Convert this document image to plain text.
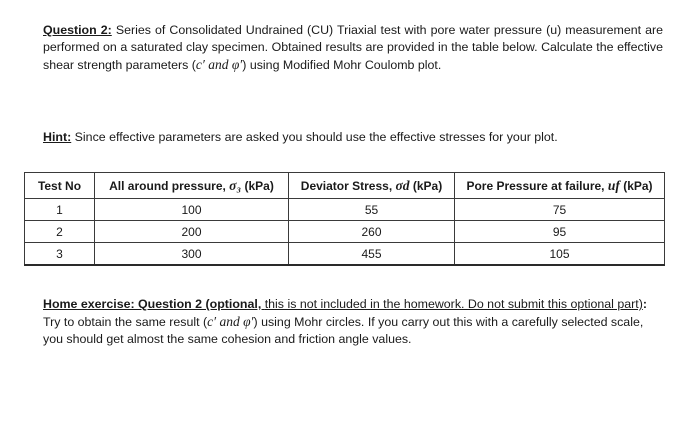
Question 2: Series of Consolidated Undrained (CU) Triaxial test with pore water pressure (u) measurement are performed on a saturated clay specimen. Obtained results are provided in the table below. Calculate the effective shear strength parameters (c′ and φ′) using Modified Mohr Coulomb plot.

Hint: Since effective parameters are asked you should use the effective stresses for your plot.

Test No	All around pressure, σ₃ (kPa)	Deviator Stress, σd (kPa)	Pore Pressure at failure, uf (kPa)
1	100	55	75
2	200	260	95
3	300	455	105

Home exercise: Question 2 (optional, this is not included in the homework. Do not submit this optional part): Try to obtain the same result (c′ and φ′) using Mohr circles. If you carry out this with a carefully selected scale, you should get almost the same cohesion and friction angle values.
